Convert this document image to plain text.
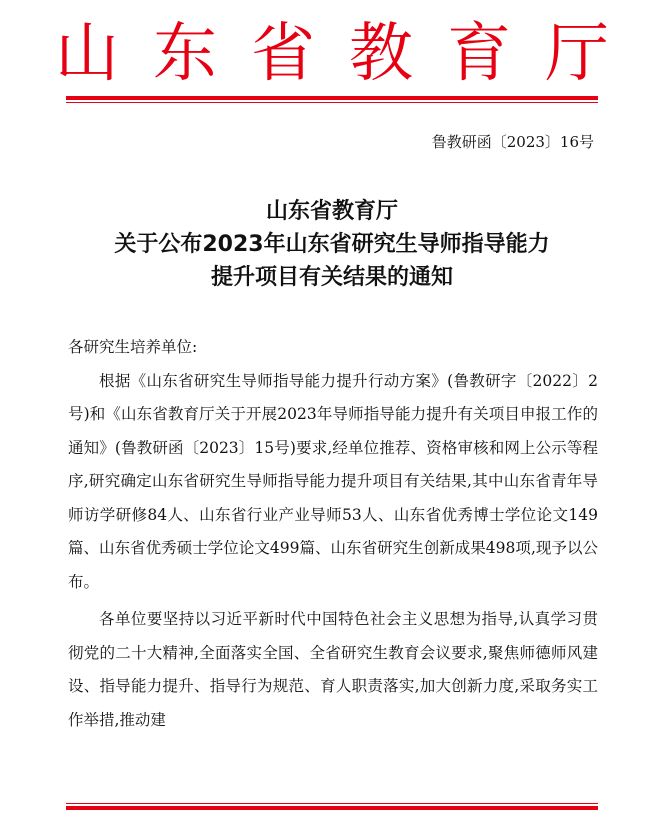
山东省教育厅
鲁教研函〔2023〕16号
山东省教育厅
关于公布2023年山东省研究生导师指导能力
提升项目有关结果的通知

各研究生培养单位:

根据《山东省研究生导师指导能力提升行动方案》(鲁教研字〔2022〕2号)和《山东省教育厅关于开展2023年导师指导能力提升有关项目申报工作的通知》(鲁教研函〔2023〕15号)要求,经单位推荐、资格审核和网上公示等程序,研究确定山东省研究生导师指导能力提升项目有关结果,其中山东省青年导师访学研修84人、山东省行业产业导师53人、山东省优秀博士学位论文149篇、山东省优秀硕士学位论文499篇、山东省研究生创新成果498项,现予以公布。

各单位要坚持以习近平新时代中国特色社会主义思想为指导,认真学习贯彻党的二十大精神,全面落实全国、全省研究生教育会议要求,聚焦师德师风建设、指导能力提升、指导行为规范、育人职责落实,加大创新力度,采取务实工作举措,推动建
